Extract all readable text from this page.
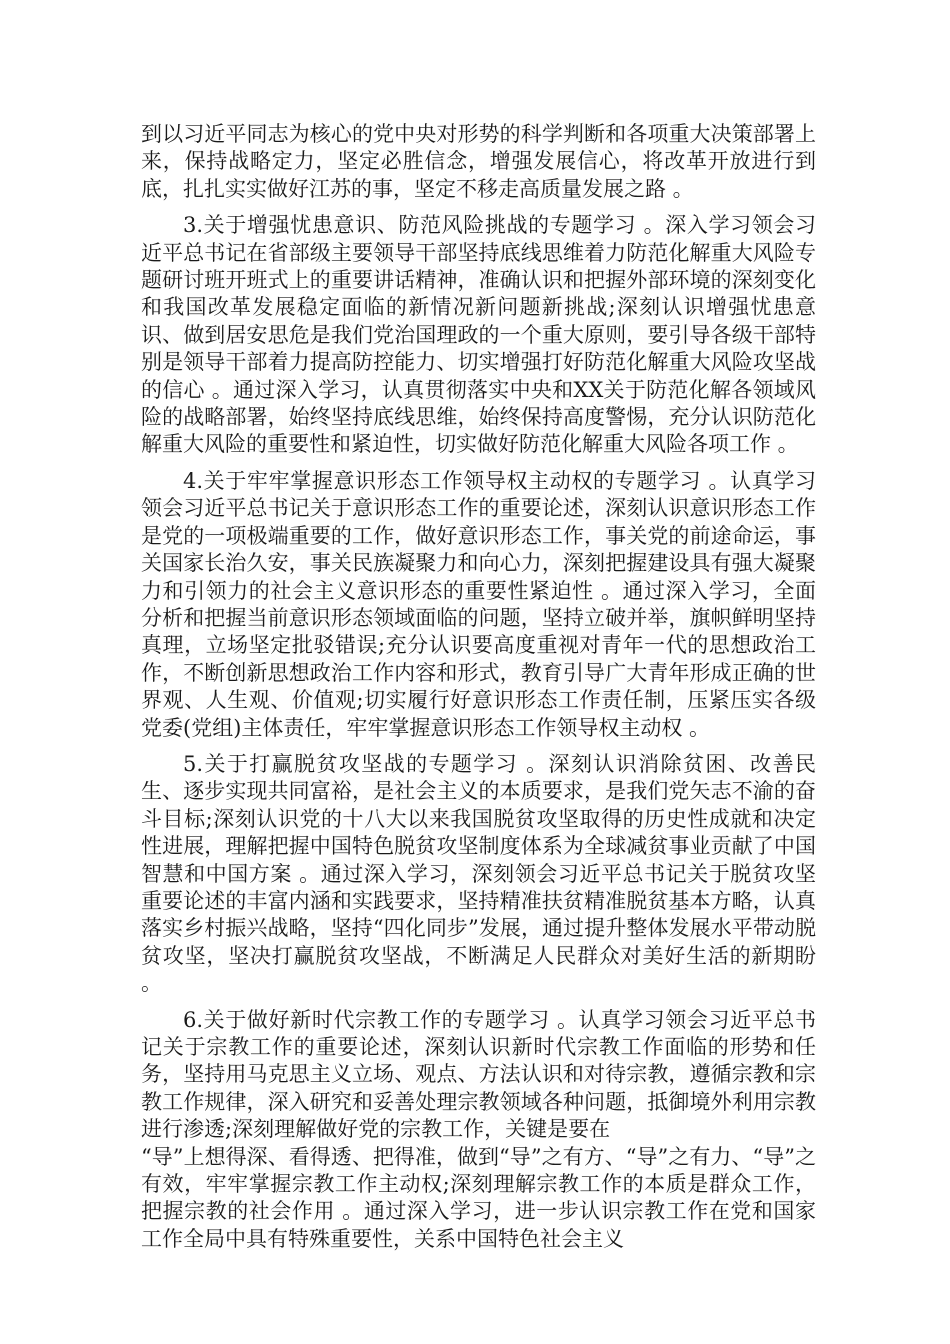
到以习近平同志为核心的党中央对形势的科学判断和各项重大决策部署上来，保持战略定力，坚定必胜信念，增强发展信心，将改革开放进行到底，扎扎实实做好江苏的事，坚定不移走高质量发展之路 。

3.关于增强忧患意识、防范风险挑战的专题学习 。深入学习领会习近平总书记在省部级主要领导干部坚持底线思维着力防范化解重大风险专题研讨班开班式上的重要讲话精神，准确认识和把握外部环境的深刻变化和我国改革发展稳定面临的新情况新问题新挑战;深刻认识增强忧患意识、做到居安思危是我们党治国理政的一个重大原则，要引导各级干部特别是领导干部着力提高防控能力、切实增强打好防范化解重大风险攻坚战的信心 。通过深入学习，认真贯彻落实中央和XX关于防范化解各领域风险的战略部署，始终坚持底线思维，始终保持高度警惕，充分认识防范化解重大风险的重要性和紧迫性，切实做好防范化解重大风险各项工作 。

4.关于牢牢掌握意识形态工作领导权主动权的专题学习 。认真学习领会习近平总书记关于意识形态工作的重要论述，深刻认识意识形态工作是党的一项极端重要的工作，做好意识形态工作，事关党的前途命运，事关国家长治久安，事关民族凝聚力和向心力，深刻把握建设具有强大凝聚力和引领力的社会主义意识形态的重要性紧迫性 。通过深入学习，全面分析和把握当前意识形态领域面临的问题，坚持立破并举，旗帜鲜明坚持真理，立场坚定批驳错误;充分认识要高度重视对青年一代的思想政治工作，不断创新思想政治工作内容和形式，教育引导广大青年形成正确的世界观、人生观、价值观;切实履行好意识形态工作责任制，压紧压实各级党委(党组)主体责任，牢牢掌握意识形态工作领导权主动权 。

5.关于打赢脱贫攻坚战的专题学习 。深刻认识消除贫困、改善民生、逐步实现共同富裕，是社会主义的本质要求，是我们党矢志不渝的奋斗目标;深刻认识党的十八大以来我国脱贫攻坚取得的历史性成就和决定性进展，理解把握中国特色脱贫攻坚制度体系为全球减贫事业贡献了中国智慧和中国方案 。通过深入学习，深刻领会习近平总书记关于脱贫攻坚重要论述的丰富内涵和实践要求，坚持精准扶贫精准脱贫基本方略，认真落实乡村振兴战略，坚持“四化同步”发展，通过提升整体发展水平带动脱贫攻坚，坚决打赢脱贫攻坚战，不断满足人民群众对美好生活的新期盼 。

6.关于做好新时代宗教工作的专题学习 。认真学习领会习近平总书记关于宗教工作的重要论述，深刻认识新时代宗教工作面临的形势和任务，坚持用马克思主义立场、观点、方法认识和对待宗教，遵循宗教和宗教工作规律，深入研究和妥善处理宗教领域各种问题，抵御境外利用宗教进行渗透;深刻理解做好党的宗教工作，关键是要在
“导”上想得深、看得透、把得准，做到“导”之有方、“导”之有力、“导”之有效，牢牢掌握宗教工作主动权;深刻理解宗教工作的本质是群众工作，把握宗教的社会作用 。通过深入学习，进一步认识宗教工作在党和国家工作全局中具有特殊重要性，关系中国特色社会主义
